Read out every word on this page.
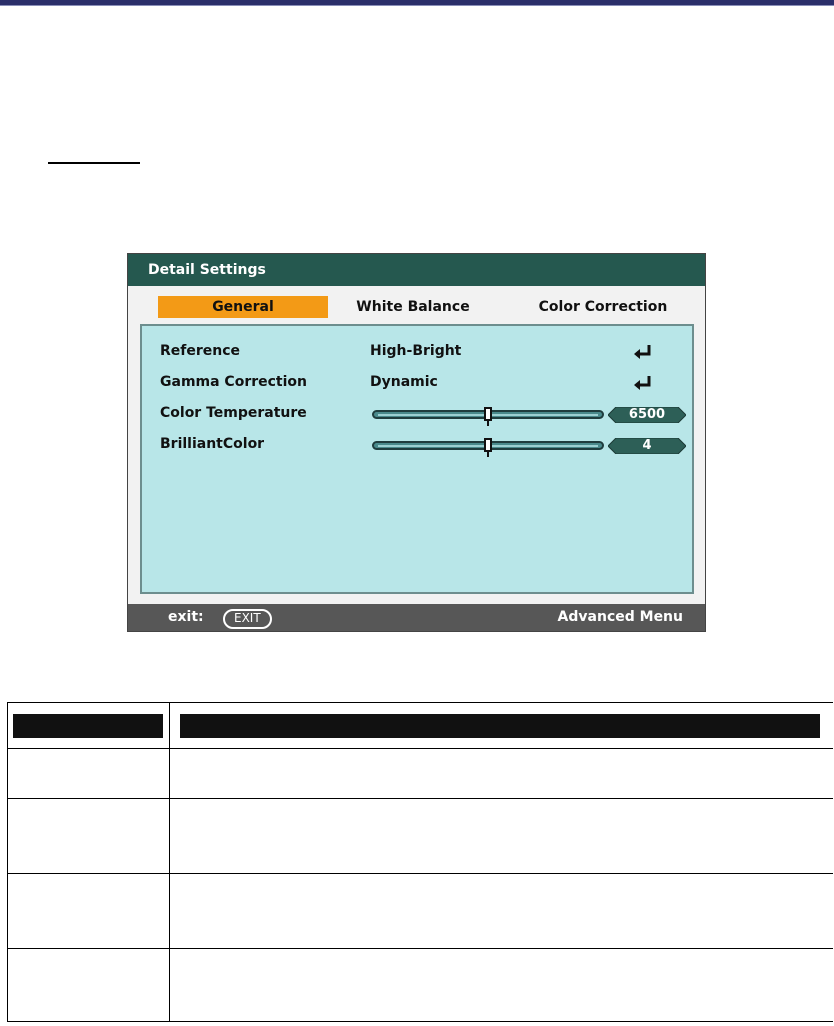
Detail Settings
General	White Balance	Color Correction
Reference	High-Bright
Gamma Correction	Dynamic
Color Temperature	6500
BrilliantColor	4
exit:	EXIT	Advanced Menu
